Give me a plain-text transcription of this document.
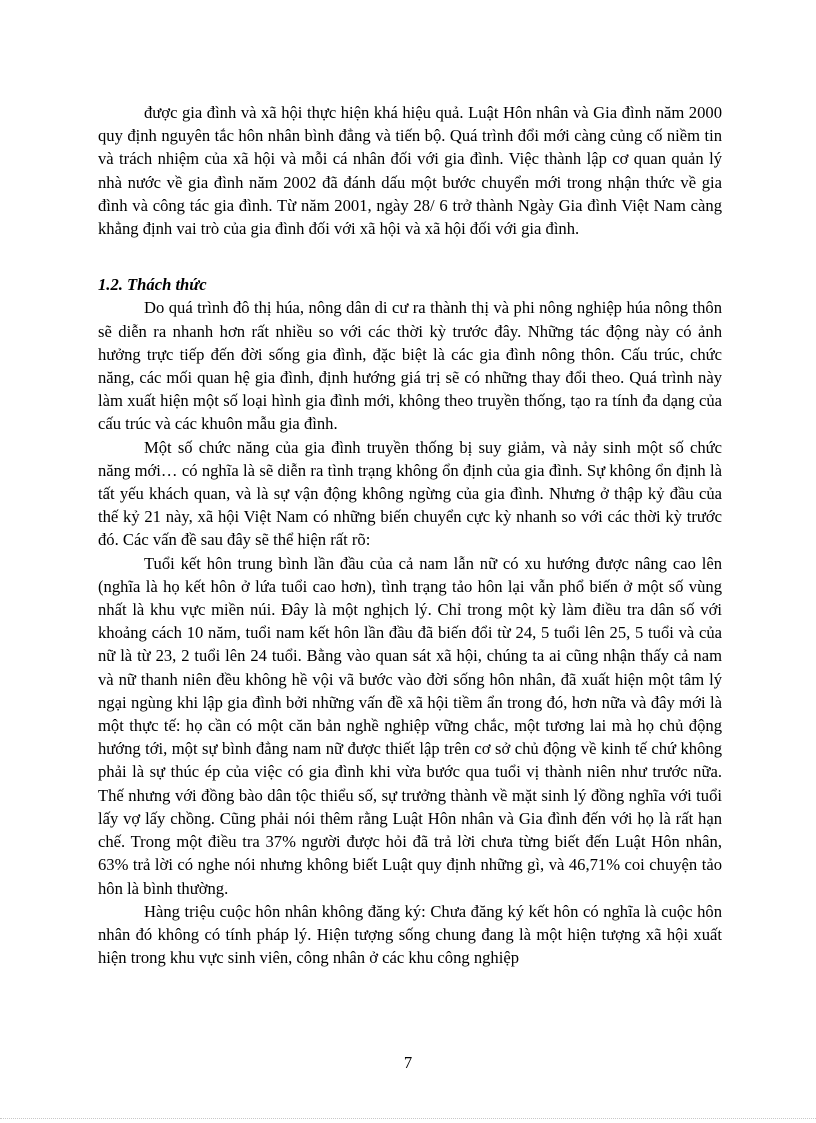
được gia đình và xã hội thực hiện khá hiệu quả. Luật Hôn nhân và Gia đình năm 2000 quy định nguyên tắc hôn nhân bình đẳng và tiến bộ. Quá trình đổi mới càng củng cố niềm tin và trách nhiệm của xã hội và mỗi cá nhân đối với gia đình. Việc thành lập cơ quan quản lý nhà nước về gia đình năm 2002 đã đánh dấu một bước chuyển mới trong nhận thức về gia đình và công tác gia đình. Từ năm 2001, ngày 28/ 6 trở thành Ngày Gia đình Việt Nam càng khẳng định vai trò của gia đình đối với xã hội và xã hội đối với gia đình.

1.2. Thách thức

Do quá trình đô thị húa, nông dân di cư ra thành thị và phi nông nghiệp húa nông thôn sẽ diễn ra nhanh hơn rất nhiều so với các thời kỳ trước đây. Những tác động này có ảnh hưởng trực tiếp đến đời sống gia đình, đặc biệt là các gia đình nông thôn. Cấu trúc, chức năng, các mối quan hệ gia đình, định hướng giá trị sẽ có những thay đổi theo. Quá trình này làm xuất hiện một số loại hình gia đình mới, không theo truyền thống, tạo ra tính đa dạng của cấu trúc và các khuôn mẫu gia đình.

Một số chức năng của gia đình truyền thống bị suy giảm, và nảy sinh một số chức năng mới… có nghĩa là sẽ diễn ra tình trạng không ổn định của gia đình. Sự không ổn định là tất yếu khách quan, và là sự vận động không ngừng của gia đình. Nhưng ở thập kỷ đầu của thế kỷ 21 này, xã hội Việt Nam có những biến chuyển cực kỳ nhanh so với các thời kỳ trước đó. Các vấn đề sau đây sẽ thể hiện rất rõ:

Tuổi kết hôn trung bình lần đầu của cả nam lẫn nữ có xu hướng được nâng cao lên (nghĩa là họ kết hôn ở lứa tuổi cao hơn), tình trạng tảo hôn lại vẫn phổ biến ở một số vùng nhất là khu vực miền núi. Đây là một nghịch lý. Chỉ trong một kỳ làm điều tra dân số với khoảng cách 10 năm, tuổi nam kết hôn lần đầu đã biến đổi từ 24, 5 tuổi lên 25, 5 tuổi và của nữ là từ 23, 2 tuổi lên 24 tuổi. Bằng vào quan sát xã hội, chúng ta ai cũng nhận thấy cả nam và nữ thanh niên đều không hề vội vã bước vào đời sống hôn nhân, đã xuất hiện một tâm lý ngại ngùng khi lập gia đình bởi những vấn đề xã hội tiềm ẩn trong đó, hơn nữa và đây mới là một thực tế: họ cần có một căn bản nghề nghiệp vững chắc, một tương lai mà họ chủ động hướng tới, một sự bình đẳng nam nữ được thiết lập trên cơ sở chủ động về kinh tế chứ không phải là sự thúc ép của việc có gia đình khi vừa bước qua tuổi vị thành niên như trước nữa. Thế nhưng với đồng bào dân tộc thiểu số, sự trưởng thành về mặt sinh lý đồng nghĩa với tuổi lấy vợ lấy chồng. Cũng phải nói thêm rằng Luật Hôn nhân và Gia đình đến với họ là rất hạn chế. Trong một điều tra 37% người được hỏi đã trả lời chưa từng biết đến Luật Hôn nhân, 63% trả lời có nghe nói nhưng không biết Luật quy định những gì, và 46,71% coi chuyện tảo hôn là bình thường.

Hàng triệu cuộc hôn nhân không đăng ký: Chưa đăng ký kết hôn có nghĩa là cuộc hôn nhân đó không có tính pháp lý. Hiện tượng sống chung đang là một hiện tượng xã hội xuất hiện trong khu vực sinh viên, công nhân ở các khu công nghiệp

7
